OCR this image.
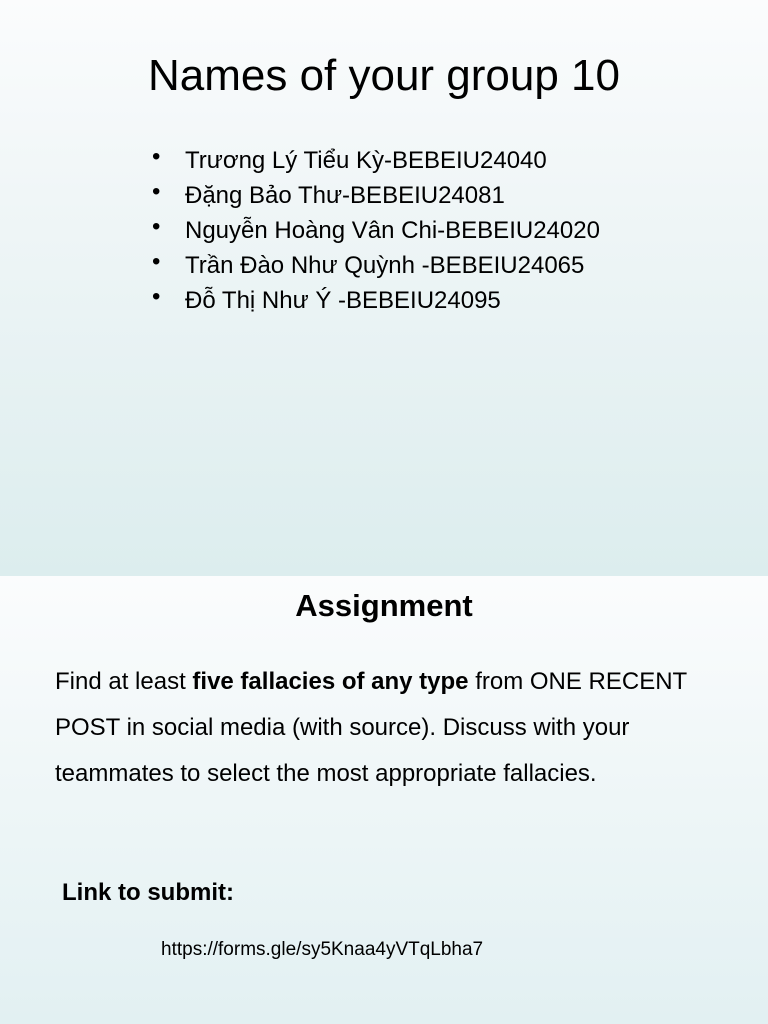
Names of your group 10
• Trương Lý Tiểu Kỳ-BEBEIU24040
• Đặng Bảo Thư-BEBEIU24081
• Nguyễn Hoàng Vân Chi-BEBEIU24020
• Trần Đào Như Quỳnh -BEBEIU24065
• Đỗ Thị Như Ý -BEBEIU24095
Assignment

Find at least five fallacies of any type from ONE RECENT POST in social media (with source). Discuss with your teammates to select the most appropriate fallacies.

Link to submit:
https://forms.gle/sy5Knaa4yVTqLbha7
